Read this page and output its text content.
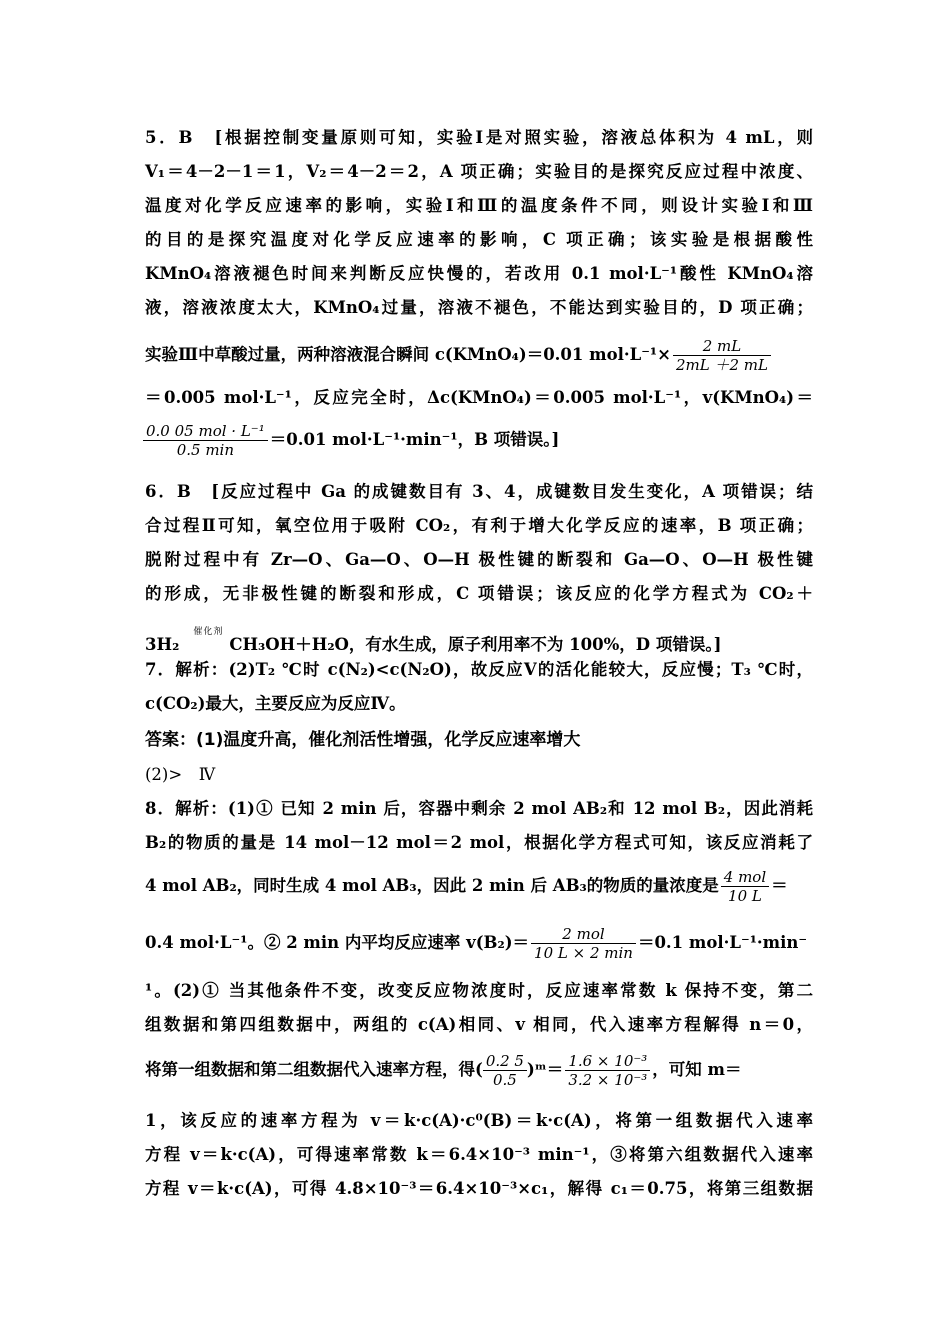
5．B　[根据控制变量原则可知，实验Ⅰ是对照实验，溶液总体积为 4 mL，则
V₁＝4－2－1＝1，V₂＝4－2＝2，A 项正确；实验目的是探究反应过程中浓度、
温度对化学反应速率的影响，实验Ⅰ和Ⅲ的温度条件不同，则设计实验Ⅰ和Ⅲ
的目的是探究温度对化学反应速率的影响，C 项正确；该实验是根据酸性
KMnO₄溶液褪色时间来判断反应快慢的，若改用 0.1 mol·L⁻¹酸性 KMnO₄溶
液，溶液浓度太大，KMnO₄过量，溶液不褪色，不能达到实验目的，D 项正确；
实验Ⅲ中草酸过量，两种溶液混合瞬间 c(KMnO₄)＝0.01 $mol\cdot L^{-1}\times \frac{2 mL}{2mL +2 mL}$
＝0.005 mol·L⁻¹，反应完全时，Δc(KMnO₄)＝0.005 mol·L⁻¹，v(KMnO₄)＝
$\frac{\text{0.0 05 mol · L⁻¹}}{0.5 \min} =0.01$ mol·L⁻¹·min⁻¹，B 项错误。]
6．B　[反应过程中 Ga 的成键数目有 3、4，成键数目发生变化，A 项错误；结
合过程Ⅱ可知，氧空位用于吸附 CO₂，有利于增大化学反应的速率，B 项正确；
脱附过程中有 Zr—O、Ga—O、O—H 极性键的断裂和 Ga—O、O—H 极性键
的形成，无非极性键的断裂和形成，C 项错误；该反应的化学方程式为 CO₂＋
3H₂催化剂CH₃OH＋H₂O，有水生成，原子利用率不为 100%，D 项错误。]
7．解析：(2)T₂ ℃时 c(N₂)<c(N₂O)，故反应Ⅴ的活化能较大，反应慢；T₃ ℃时，
c(CO₂)最大，主要反应为反应Ⅳ。
答案：(1)温度升高，催化剂活性增强，化学反应速率增大
(2)>　Ⅳ
8．解析：(1)① 已知 2 min 后，容器中剩余 2 mol AB₂和 12 mol B₂，因此消耗
B₂的物质的量是 14 mol－12 mol＝2 mol，根据化学方程式可知，该反应消耗了
4 mol AB₂，同时生成 4 mol AB₃，因此 2 min 后 AB₃的物质的量浓度是 $\frac{\text{4 mol}}{10 L}$ ＝
0.4 mol·L⁻¹。② 2 min 内平均反应速率 $v(B_2)= \frac{\text{2 mol}}{10 L \times 2 \min} =0.1$ mol·L⁻¹·min⁻
¹。(2)① 当其他条件不变，改变反应物浓度时，反应速率常数 k 保持不变，第二
组数据和第四组数据中，两组的 c(A)相同、v 相同，代入速率方程解得 n＝0，
将第一组数据和第二组数据代入速率方程，得( $\frac{0.2 5}{0.5}$ )ᵐ＝ $\frac{\text{1.6 × 10⁻³}}{\text{3.2 × 10⁻³}}$ ，可知 m＝
1，该反应的速率方程为 v＝k·c(A)·c⁰(B)＝k·c(A)，将第一组数据代入速率
方程 v＝k·c(A)，可得速率常数 k＝6.4×10⁻³ min⁻¹，③将第六组数据代入速率
方程 v＝k·c(A)，可得 4.8×10⁻³＝6.4×10⁻³×c₁，解得 c₁＝0.75，将第三组数据
